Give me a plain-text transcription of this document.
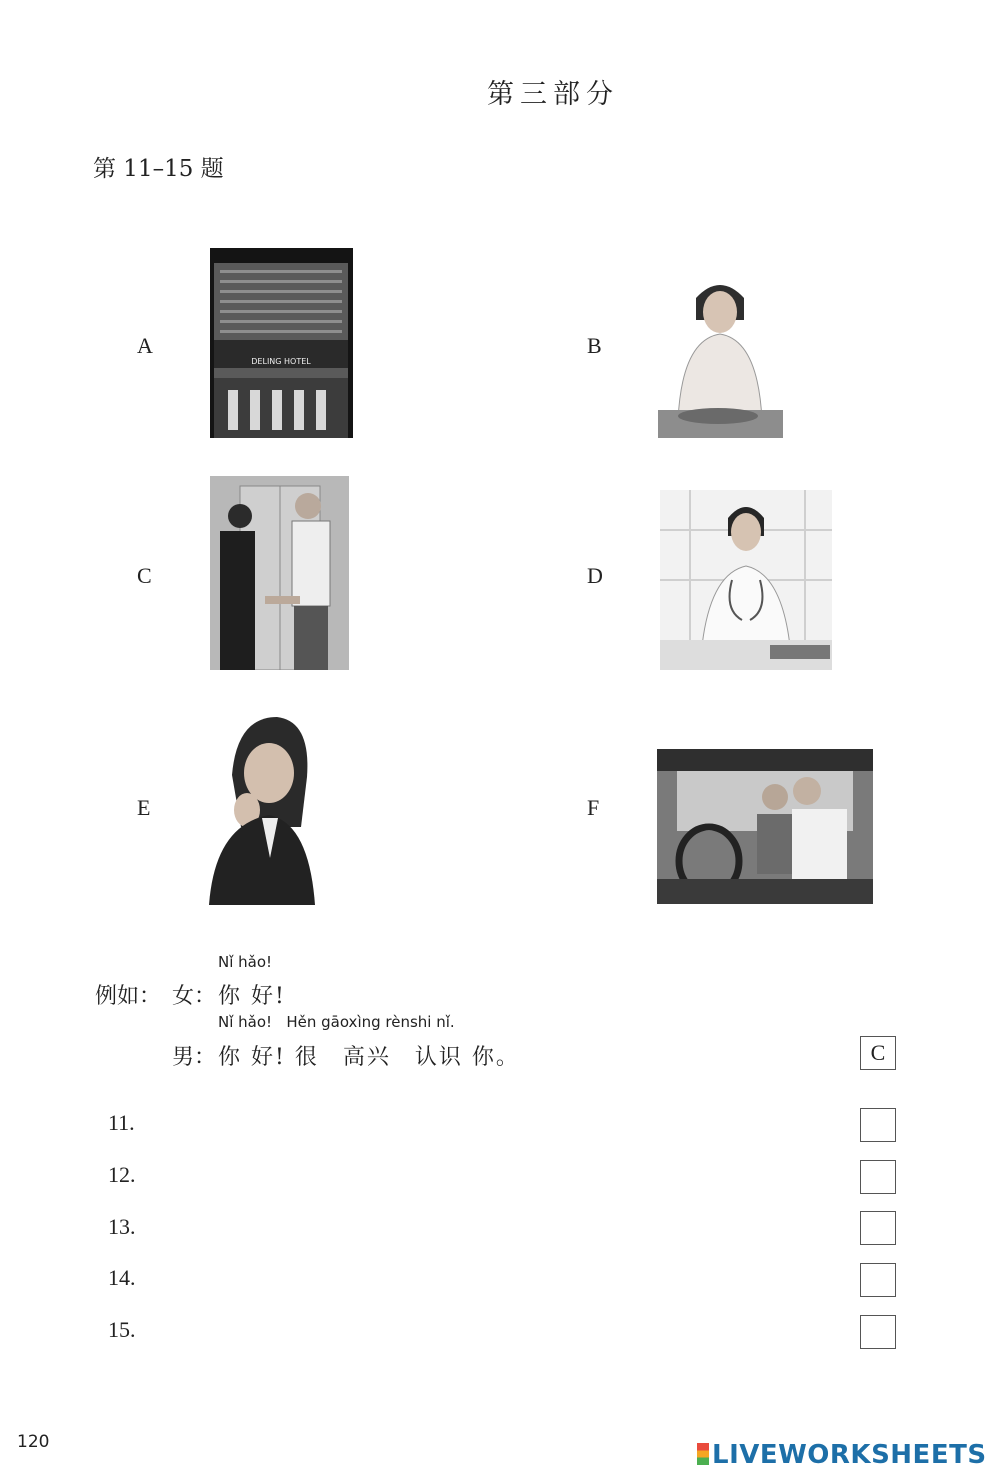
第三部分
第 11–15 题
A
DELING HOTEL
B
C	D
E	F
Nǐ hǎo!
例如： 女： 你 好!
Nǐ hǎo!   Hěn gāoxìng rènshi nǐ.
男： 你 好! 很　高兴　认识 你。	C
11.
12.
13.
14.
15.
120	LIVEWORKSHEETS
